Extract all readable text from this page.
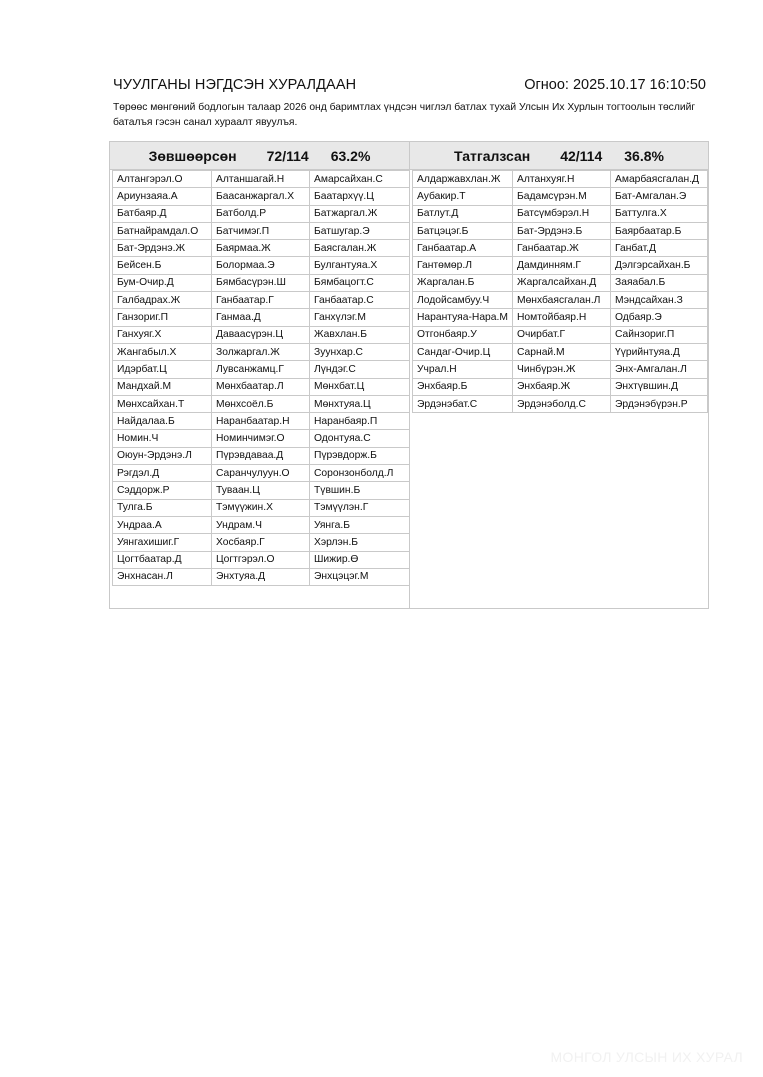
ЧУУЛГАНЫ НЭГДСЭН ХУРАЛДААН	Огноо: 2025.10.17 16:10:50
Төрөөс мөнгөний бодлогын талаар 2026 онд баримтлах үндсэн чиглэл батлах тухай Улсын Их Хурлын тогтоолын төслийг баталъя гэсэн санал хураалт явуулъя.
Зөвшөөрсөн 72/114 63.2%
Алтангэрэл.О	Алтаншагай.Н	Амарсайхан.С
Ариунзаяа.А	Баасанжаргал.Х	Баатархүү.Ц
Батбаяр.Д	Батболд.Р	Батжаргал.Ж
Батнайрамдал.О	Батчимэг.П	Батшугар.Э
Бат-Эрдэнэ.Ж	Баярмаа.Ж	Баясгалан.Ж
Бейсен.Б	Болормаа.Э	Булгантуяа.Х
Бум-Очир.Д	Бямбасүрэн.Ш	Бямбацогт.С
Галбадрах.Ж	Ганбаатар.Г	Ганбаатар.С
Ганзориг.П	Ганмаа.Д	Ганхүлэг.М
Ганхуяг.Х	Даваасүрэн.Ц	Жавхлан.Б
Жангабыл.Х	Золжаргал.Ж	Зуунхар.С
Идэрбат.Ц	Лувсанжамц.Г	Лүндэг.С
Мандхай.М	Мөнхбаатар.Л	Мөнхбат.Ц
Мөнхсайхан.Т	Мөнхсоёл.Б	Мөнхтуяа.Ц
Найдалаа.Б	Наранбаатар.Н	Наранбаяр.П
Номин.Ч	Номинчимэг.О	Одонтуяа.С
Оюун-Эрдэнэ.Л	Пүрэвдаваа.Д	Пүрэвдорж.Б
Рэгдэл.Д	Саранчулуун.О	Соронзонболд.Л
Сэддорж.Р	Туваан.Ц	Түвшин.Б
Тулга.Б	Тэмүүжин.Х	Тэмүүлэн.Г
Ундраа.А	Ундрам.Ч	Уянга.Б
Уянгахишиг.Г	Хосбаяр.Г	Хэрлэн.Б
Цогтбаатар.Д	Цогтгэрэл.О	Шижир.Ө
Энхнасан.Л	Энхтуяа.Д	Энхцэцэг.М
Татгалзсан 42/114 36.8%
Алдаржавхлан.Ж	Алтанхуяг.Н	Амарбаясгалан.Д
Аубакир.Т	Бадамсүрэн.М	Бат-Амгалан.Э
Батлут.Д	Батсүмбэрэл.Н	Баттулга.Х
Батцэцэг.Б	Бат-Эрдэнэ.Б	Баярбаатар.Б
Ганбаатар.А	Ганбаатар.Ж	Ганбат.Д
Гантөмөр.Л	Дамдинням.Г	Дэлгэрсайхан.Б
Жаргалан.Б	Жаргалсайхан.Д	Заяабал.Б
Лодойсамбуу.Ч	Мөнхбаясгалан.Л	Мэндсайхан.З
Нарантуяа-Нара.М	Номтойбаяр.Н	Одбаяр.Э
Отгонбаяр.У	Очирбат.Г	Сайнзориг.П
Сандаг-Очир.Ц	Сарнай.М	Үүрийнтуяа.Д
Учрал.Н	Чинбүрэн.Ж	Энх-Амгалан.Л
Энхбаяр.Б	Энхбаяр.Ж	Энхтүвшин.Д
Эрдэнэбат.С	Эрдэнэболд.С	Эрдэнэбүрэн.Р
МОНГОЛ УЛСЫН ИХ ХУРАЛ
